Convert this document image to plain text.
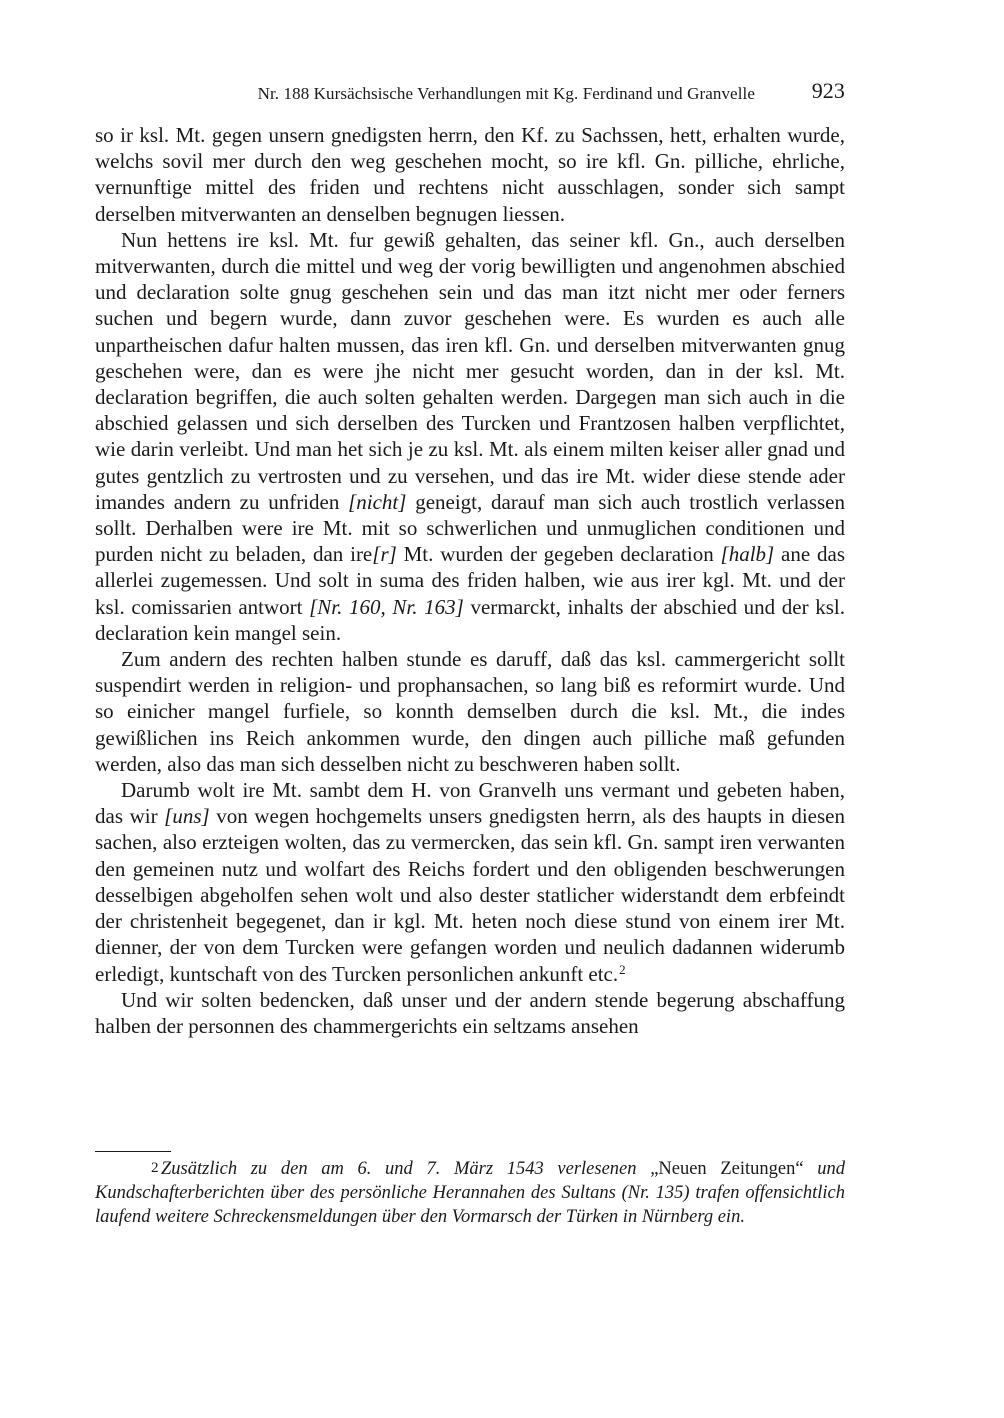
Nr. 188 Kursächsische Verhandlungen mit Kg. Ferdinand und Granvelle	923

so ir ksl. Mt. gegen unsern gnedigsten herrn, den Kf. zu Sachssen, hett, erhalten wurde, welchs sovil mer durch den weg geschehen mocht, so ire kfl. Gn. pilliche, ehrliche, vernunftige mittel des friden und rechtens nicht ausschlagen, sonder sich sampt derselben mitverwanten an denselben begnugen liessen.

Nun hettens ire ksl. Mt. fur gewiß gehalten, das seiner kfl. Gn., auch derselben mitverwanten, durch die mittel und weg der vorig bewilligten und angenohmen abschied und declaration solte gnug geschehen sein und das man itzt nicht mer oder ferners suchen und begern wurde, dann zuvor geschehen were. Es wurden es auch alle unpartheischen dafur halten mussen, das iren kfl. Gn. und derselben mitverwanten gnug geschehen were, dan es were jhe nicht mer gesucht worden, dan in der ksl. Mt. declaration begriffen, die auch solten gehalten werden. Dargegen man sich auch in die abschied gelassen und sich derselben des Turcken und Frantzosen halben verpflichtet, wie darin verleibt. Und man het sich je zu ksl. Mt. als einem milten keiser aller gnad und gutes gentzlich zu vertrosten und zu versehen, und das ire Mt. wider diese stende ader imandes andern zu unfriden [nicht] geneigt, darauf man sich auch trostlich verlassen sollt. Derhalben were ire Mt. mit so schwerlichen und unmuglichen conditionen und purden nicht zu beladen, dan ire[r] Mt. wurden der gegeben declaration [halb] ane das allerlei zugemessen. Und solt in suma des friden halben, wie aus irer kgl. Mt. und der ksl. comissarien antwort [Nr. 160, Nr. 163] vermarckt, inhalts der abschied und der ksl. declaration kein mangel sein.

Zum andern des rechten halben stunde es daruff, daß das ksl. cammergericht sollt suspendirt werden in religion- und prophansachen, so lang biß es reformirt wurde. Und so einicher mangel furfiele, so konnth demselben durch die ksl. Mt., die indes gewißlichen ins Reich ankommen wurde, den dingen auch pilliche maß gefunden werden, also das man sich desselben nicht zu beschweren haben sollt.

Darumb wolt ire Mt. sambt dem H. von Granvelh uns vermant und gebeten haben, das wir [uns] von wegen hochgemelts unsers gnedigsten herrn, als des haupts in diesen sachen, also erzteigen wolten, das zu vermercken, das sein kfl. Gn. sampt iren verwanten den gemeinen nutz und wolfart des Reichs fordert und den obligenden beschwerungen desselbigen abgeholfen sehen wolt und also dester statlicher widerstandt dem erbfeindt der christenheit begegenet, dan ir kgl. Mt. heten noch diese stund von einem irer Mt. dienner, der von dem Turcken were gefangen worden und neulich dadannen widerumb erledigt, kuntschaft von des Turcken personlichen ankunft etc.$^2$

Und wir solten bedencken, daß unser und der andern stende begerung abschaffung halben der personnen des chammergerichts ein seltzams ansehen

2 Zusätzlich zu den am 6. und 7. März 1543 verlesenen „Neuen Zeitungen“ und Kundschafterberichten über des persönliche Herannahen des Sultans (Nr. 135) trafen offensichtlich laufend weitere Schreckensmeldungen über den Vormarsch der Türken in Nürnberg ein.
